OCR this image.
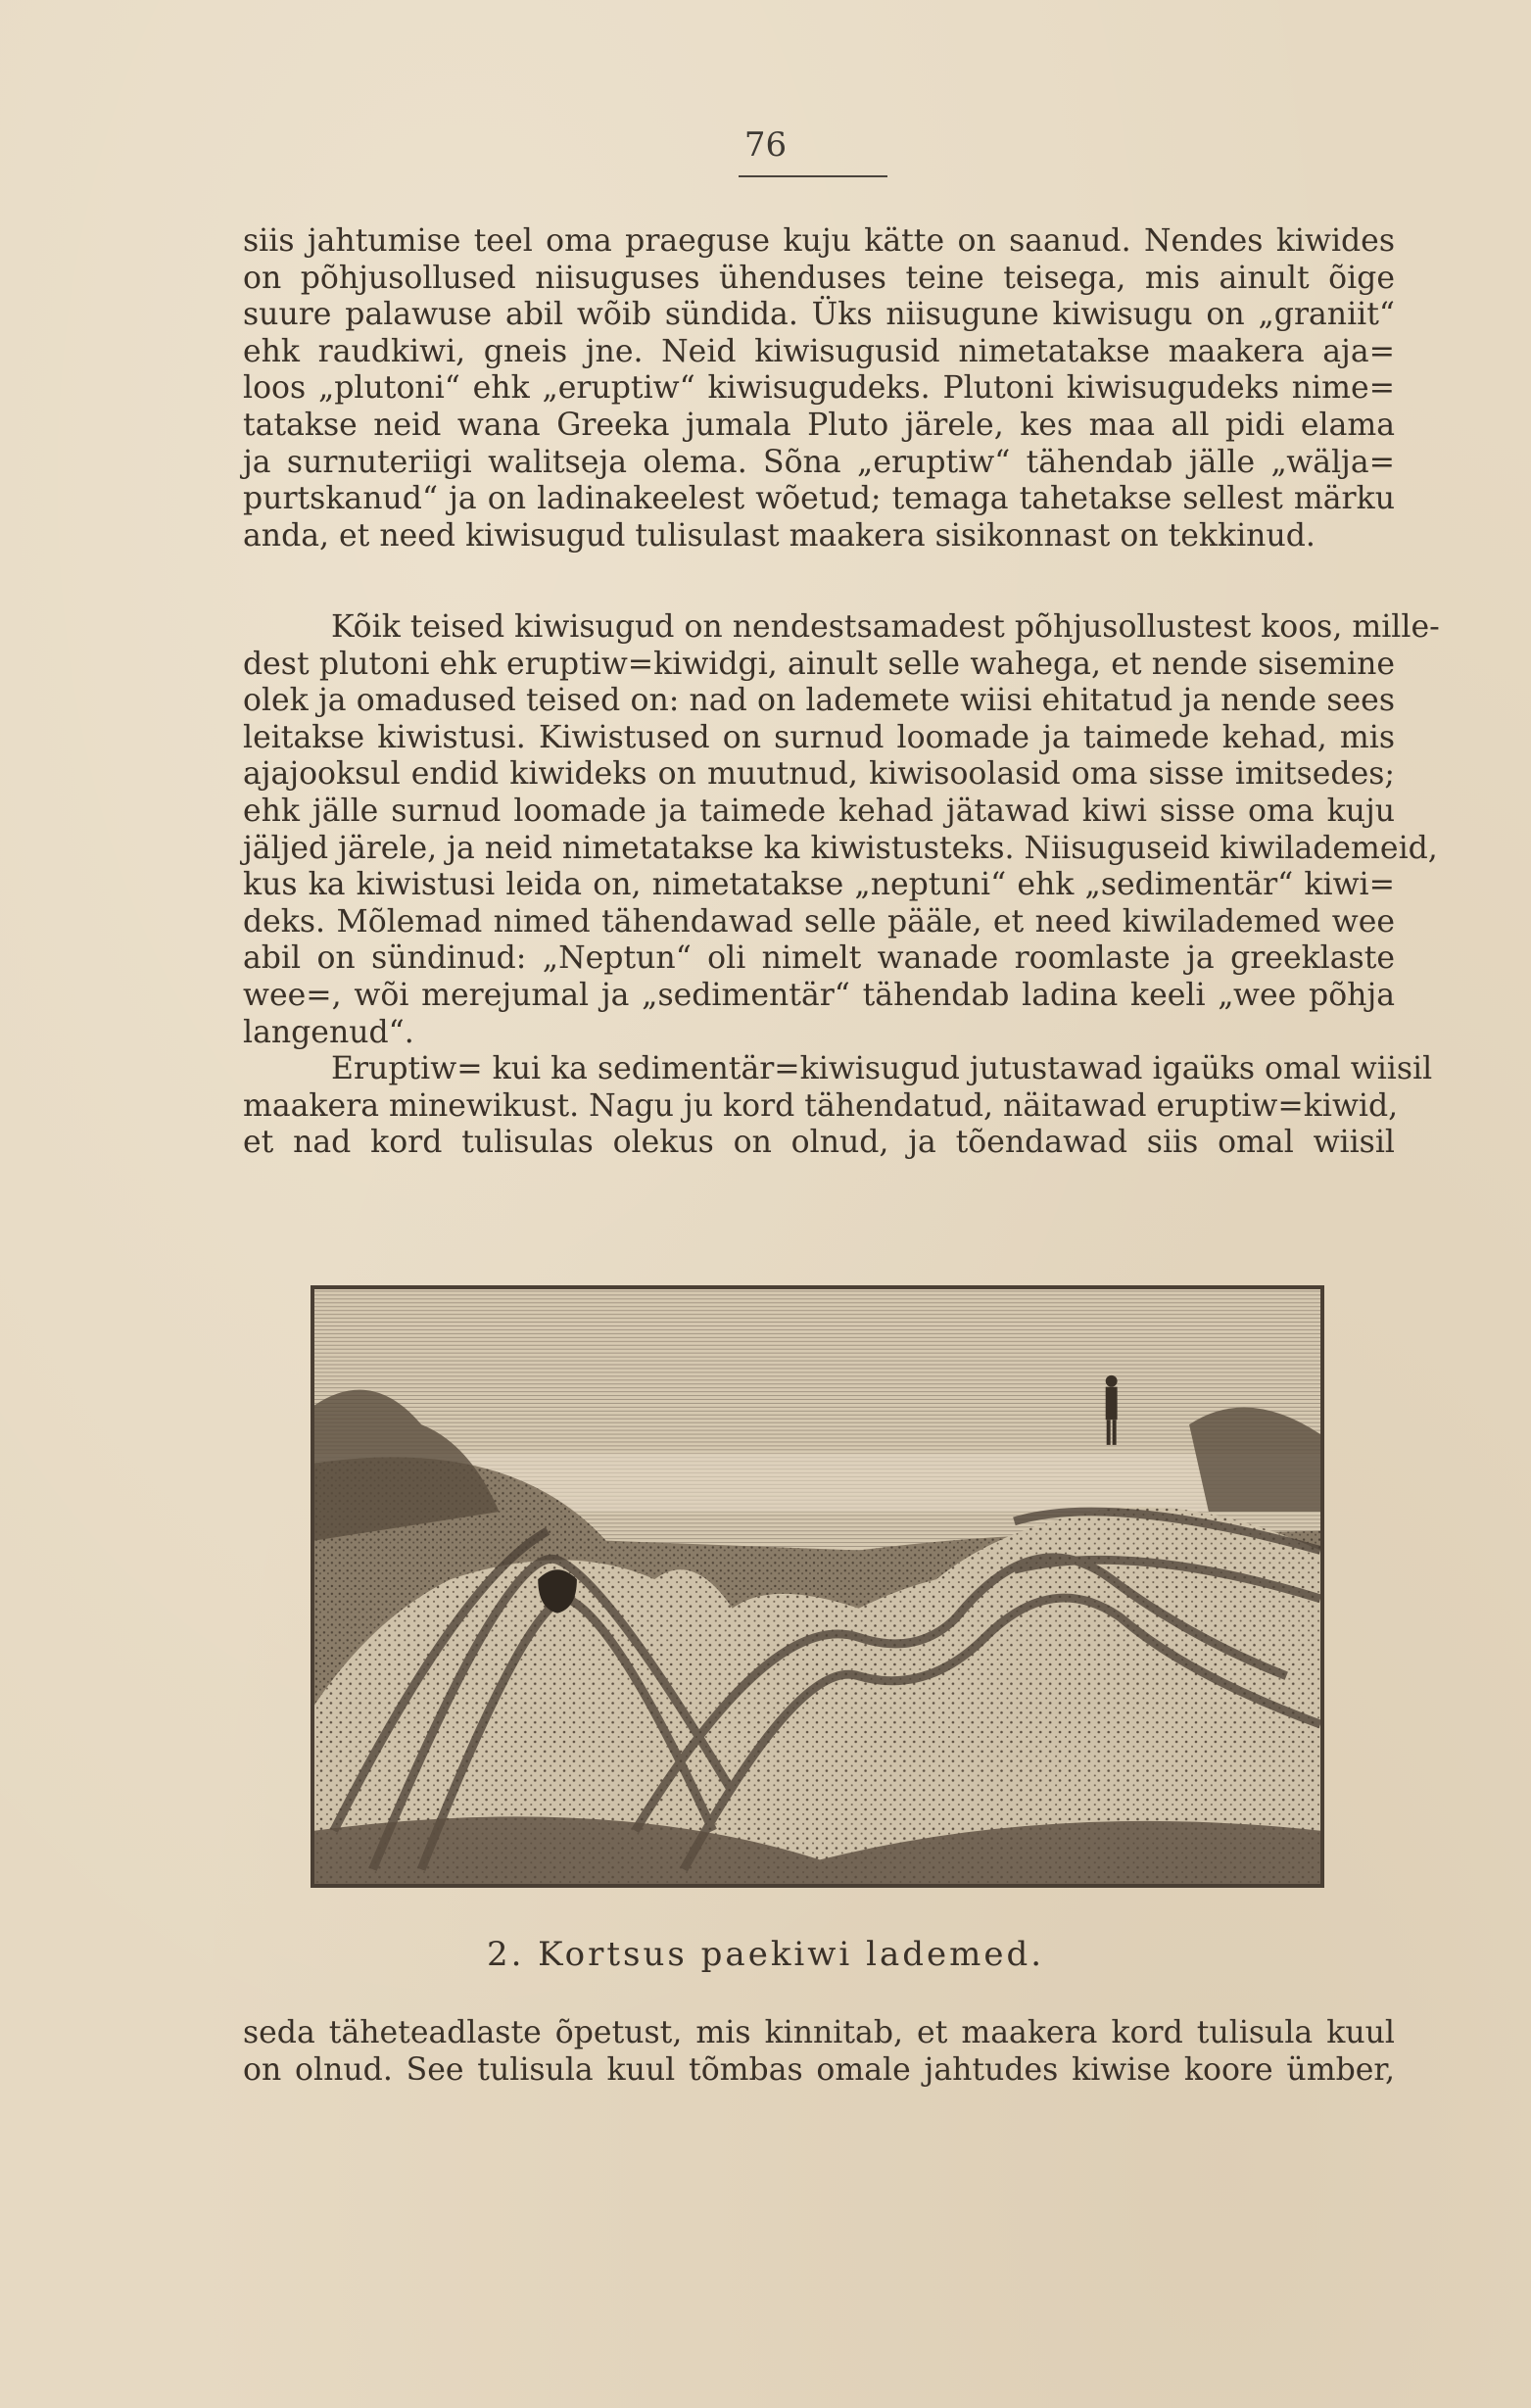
76
siis jahtumise teel oma praeguse kuju kätte on saanud. Nendes kiwides
on põhjusollused niisuguses ühenduses teine teisega, mis ainult õige
suure palawuse abil wõib sündida. Üks niisugune kiwisugu on „graniit“
ehk raudkiwi, gneis jne. Neid kiwisugusid nimetatakse maakera aja=
loos „plutoni“ ehk „eruptiw“ kiwisugudeks. Plutoni kiwisugudeks nime=
tatakse neid wana Greeka jumala Pluto järele, kes maa all pidi elama
ja surnuteriigi walitseja olema. Sõna „eruptiw“ tähendab jälle „wälja=
purtskanud“ ja on ladinakeelest wõetud; temaga tahetakse sellest märku
anda, et need kiwisugud tulisulast maakera sisikonnast on tekkinud.
Kõik teised kiwisugud on nendestsamadest põhjusollustest koos, mille-
dest plutoni ehk eruptiw=kiwidgi, ainult selle wahega, et nende sisemine
olek ja omadused teised on: nad on lademete wiisi ehitatud ja nende sees
leitakse kiwistusi. Kiwistused on surnud loomade ja taimede kehad, mis
ajajooksul endid kiwideks on muutnud, kiwisoolasid oma sisse imitsedes;
ehk jälle surnud loomade ja taimede kehad jätawad kiwi sisse oma kuju
jäljed järele, ja neid nimetatakse ka kiwistusteks. Niisuguseid kiwilademeid,
kus ka kiwistusi leida on, nimetatakse „neptuni“ ehk „sedimentär“ kiwi=
deks. Mõlemad nimed tähendawad selle pääle, et need kiwilademed wee
abil on sündinud: „Neptun“ oli nimelt wanade roomlaste ja greeklaste
wee=, wõi merejumal ja „sedimentär“ tähendab ladina keeli „wee põhja
langenud“.
Eruptiw= kui ka sedimentär=kiwisugud jutustawad igaüks omal wiisil
maakera minewikust. Nagu ju kord tähendatud, näitawad eruptiw=kiwid,
et nad kord tulisulas olekus on olnud, ja tõendawad siis omal wiisil
2. Kortsus paekiwi lademed.
seda täheteadlaste õpetust, mis kinnitab, et maakera kord tulisula kuul
on olnud. See tulisula kuul tõmbas omale jahtudes kiwise koore ümber,
